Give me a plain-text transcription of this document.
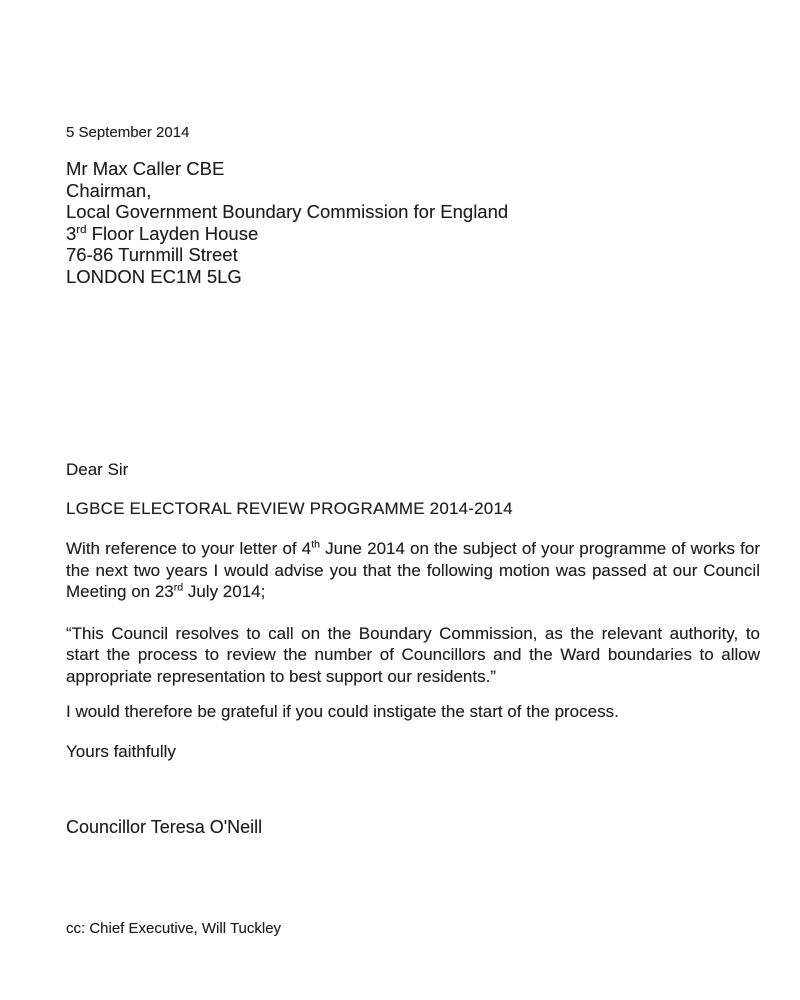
5 September 2014
Mr Max Caller CBE
Chairman,
Local Government Boundary Commission for England
3rd Floor Layden House
76-86 Turnmill Street
LONDON EC1M 5LG
Dear Sir
LGBCE ELECTORAL REVIEW PROGRAMME 2014-2014

With reference to your letter of 4th June 2014 on the subject of your programme of works for the next two years I would advise you that the following motion was passed at our Council Meeting on 23rd July 2014;

“This Council resolves to call on the Boundary Commission, as the relevant authority, to start the process to review the number of Councillors and the Ward boundaries to allow appropriate representation to best support our residents.”

I would therefore be grateful if you could instigate the start of the process.

Yours faithfully
Councillor Teresa O'Neill
cc: Chief Executive, Will Tuckley
